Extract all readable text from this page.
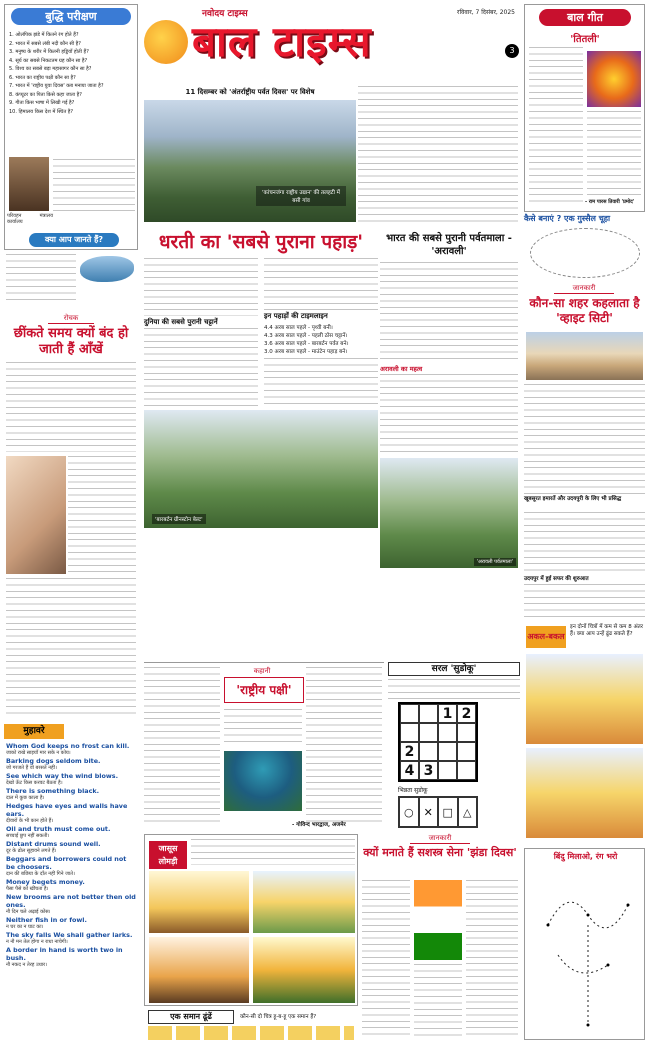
बुद्धि परीक्षण
1. ओलंपिक झंडे में कितने रंग होते हैं?
2. भारत में सबसे लंबी नदी कौन सी है?
3. मनुष्य के शरीर में कितनी हड्डियाँ होती हैं?
4. सूर्य का सबसे निकटतम ग्रह कौन सा है?
5. विश्व का सबसे बड़ा महासागर कौन सा है?
6. भारत का राष्ट्रीय पक्षी कौन सा है?
7. भारत में 'राष्ट्रीय युवा दिवस' कब मनाया जाता है?
8. कंप्यूटर का पिता किसे कहा जाता है?
9. गीता किस भाषा में लिखी गई है?
10. हिमालय किस देश में स्थित है?
परिवहन मंत्रालय कार्यालय
क्या आप जानते हैं?
रोचक
छींकते समय क्यों बंद हो जाती हैं आँखें
मुहावरे
Whom God keeps no frost can kill.
जाको राखे साइयाँ मार सके न कोय।
Barking dogs seldom bite.
जो गरजते हैं वो बरसते नहीं।
See which way the wind blows.
देखो ऊँट किस करवट बैठता है।
There is something black.
दाल में कुछ काला है।
Hedges have eyes and walls have ears.
दीवारों के भी कान होते हैं।
Oil and truth must come out.
सच्चाई छुप नहीं सकती।
Distant drums sound well.
दूर के ढोल सुहावने लगते हैं।
Beggars and borrowers could not be choosers.
दान की बछिया के दाँत नहीं गिने जाते।
Money begets money.
पैसा पैसे को खींचता है।
New brooms are not better then old ones.
नौ दिन चले अढ़ाई कोस।
Neither fish in or fowl.
न घर का न घाट का।
The sky falls We shall gather larks.
न नौ मन तेल होगा न राधा नाचेगी।
A border in hand is worth two in bush.
नौ नकद न तेरह उधार।
नवोदय टाइम्स	रविवार, 7 दिसंबर, 2025
बाल टाइम्स	3
11 दिसम्बर को 'अंतर्राष्ट्रीय पर्वत दिवस' पर विशेष
'कांचनजंगा राष्ट्रीय उद्यान' की तलहटी में बसी गांव
धरती का 'सबसे पुराना पहाड़'	भारत की सबसे पुरानी पर्वतमाला - 'अरावली'
अरावली का महत्व
'अरावली पर्वतमाला'
दुनिया की सबसे पुरानी चट्टानें
इन पहाड़ों की टाइमलाइन
4.4 अरब साल पहले - पृथ्वी बनी।
4.3 अरब साल पहले - पहली ठोस चट्टानें।
3.6 अरब साल पहले - बारबर्टन पर्वत बने।
3.0 अरब साल पहले - माउंटेन पहाड़ बने।
'बारबर्टन ग्रीनस्टोन बेल्ट'
कहानी
'राष्ट्रीय पक्षी'
सरल 'सुडोकू'
1 2
2
4 3
भिन्नता सुडोकू
○ ✕ □ △
- गोविन्द भारद्वाज, अजमेर
जासूस लोमड़ी
एक समान ढूंढें	कौन-सी दो चित्र हू-ब-हू एक समान हैं?
जानकारी
क्यों मनाते हैं सशस्त्र सेना 'झंडा दिवस'
बाल गीत
'तितली'
- राम पारस तिवारी 'प्रमोद'
कैसे बनाएं ? एक गुस्सैल चूहा
जानकारी
कौन-सा शहर कहलाता है 'व्हाइट सिटी'
खूबसूरत इमारतें और उदयपुरी के लिए भी प्रसिद्ध
उदयपुर में हुई सफर की शुरुआत
अकल-बकल
इन दोनों चित्रों में कम से कम 8 अंतर हैं। क्या आप उन्हें ढूंढ सकते हैं?
बिंदु मिलाओ, रंग भरो
